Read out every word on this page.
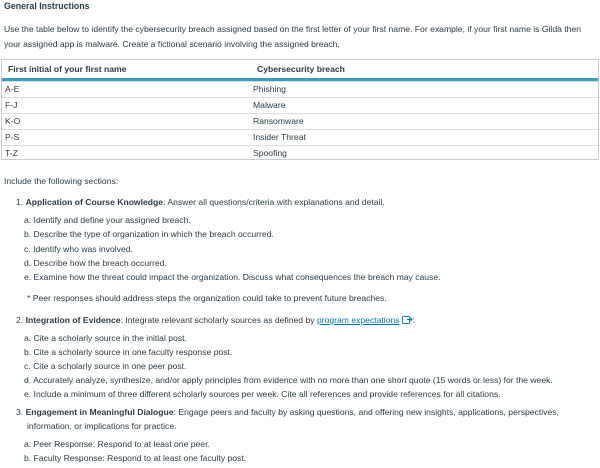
General Instructions
Use the table below to identify the cybersecurity breach assigned based on the first letter of your first name. For example, if your first name is Gilda then your assigned app is malware. Create a fictional scenario involving the assigned breach.
First initial of your first name	Cybersecurity breach
A-E	Phishing
F-J	Malware
K-O	Ransomware
P-S	Insider Threat
T-Z	Spoofing
Include the following sections:
1. Application of Course Knowledge: Answer all questions/criteria with explanations and detail.
a. Identify and define your assigned breach.
b. Describe the type of organization in which the breach occurred.
c. Identify who was involved.
d. Describe how the breach occurred.
e. Examine how the threat could impact the organization. Discuss what consequences the breach may cause.
* Peer responses should address steps the organization could take to prevent future breaches.
2. Integration of Evidence: Integrate relevant scholarly sources as defined by program expectations :
a. Cite a scholarly source in the initial post.
b. Cite a scholarly source in one faculty response post.
c. Cite a scholarly source in one peer post.
d. Accurately analyze, synthesize, and/or apply principles from evidence with no more than one short quote (15 words or less) for the week.
e. Include a minimum of three different scholarly sources per week. Cite all references and provide references for all citations.
3. Engagement in Meaningful Dialogue: Engage peers and faculty by asking questions, and offering new insights, applications, perspectives,
information, or implications for practice.
a. Peer Response: Respond to at least one peer.
b. Faculty Response: Respond to at least one faculty post.
